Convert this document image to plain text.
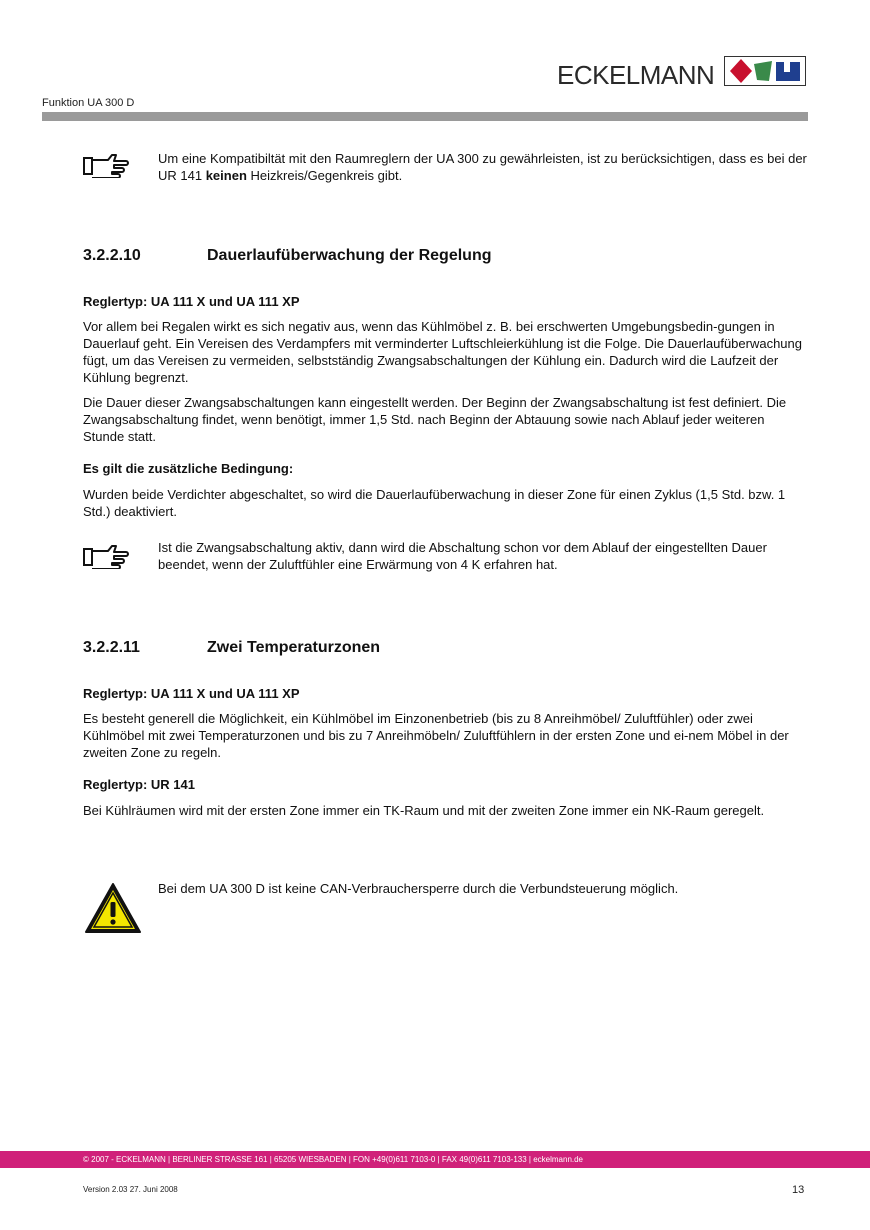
ECKELMANN
Funktion UA 300 D
Um eine Kompatibiltät mit den Raumreglern der UA 300 zu gewährleisten, ist zu berücksichtigen, dass es bei der UR 141 keinen Heizkreis/Gegenkreis gibt.
3.2.2.10	Dauerlaufüberwachung der Regelung
Reglertyp: UA 111 X und UA 111 XP
Vor allem bei Regalen wirkt es sich negativ aus, wenn das Kühlmöbel z. B. bei erschwerten Umgebungsbedin-gungen in Dauerlauf geht. Ein Vereisen des Verdampfers mit verminderter Luftschleierkühlung ist die Folge. Die Dauerlaufüberwachung fügt, um das Vereisen zu vermeiden, selbstständig Zwangsabschaltungen der Kühlung ein. Dadurch wird die Laufzeit der Kühlung begrenzt.
Die Dauer dieser Zwangsabschaltungen kann eingestellt werden. Der Beginn der Zwangsabschaltung ist fest definiert. Die Zwangsabschaltung findet, wenn benötigt, immer 1,5 Std. nach Beginn der Abtauung sowie nach Ablauf jeder weiteren Stunde statt.
Es gilt die zusätzliche Bedingung:
Wurden beide Verdichter abgeschaltet, so wird die Dauerlaufüberwachung in dieser Zone für einen Zyklus (1,5 Std. bzw. 1 Std.) deaktiviert.
Ist die Zwangsabschaltung aktiv, dann wird die Abschaltung schon vor dem Ablauf der eingestellten Dauer beendet, wenn der Zuluftfühler eine Erwärmung von 4 K erfahren hat.
3.2.2.11	Zwei Temperaturzonen
Reglertyp: UA 111 X und UA 111 XP
Es besteht generell die Möglichkeit, ein Kühlmöbel im Einzonenbetrieb (bis zu 8 Anreihmöbel/ Zuluftfühler) oder zwei Kühlmöbel mit zwei Temperaturzonen und bis zu 7 Anreihmöbeln/ Zuluftfühlern in der ersten Zone und ei-nem Möbel in der zweiten Zone zu regeln.
Reglertyp: UR 141
Bei Kühlräumen wird mit der ersten Zone immer ein TK-Raum und mit der zweiten Zone immer ein NK-Raum geregelt.
Bei dem UA 300 D ist keine CAN-Verbrauchersperre durch die Verbundsteuerung möglich.
© 2007 - ECKELMANN | BERLINER STRASSE 161 | 65205 WIESBADEN | FON +49(0)611 7103-0 | FAX 49(0)611 7103-133 | eckelmann.de
Version 2.03 27. Juni 2008	13
